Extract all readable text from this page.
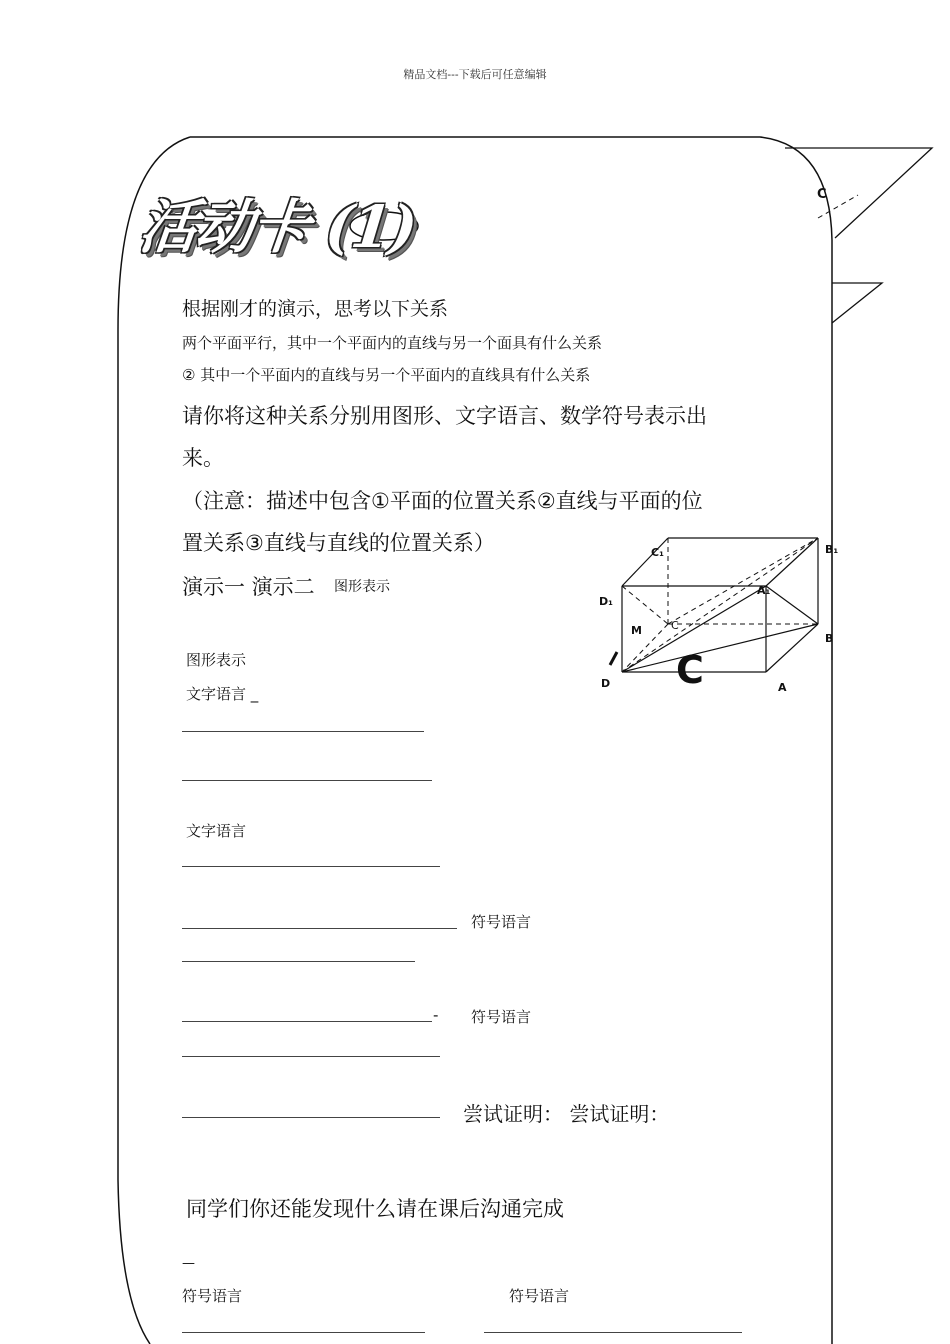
精品文档---下载后可任意编辑
C
活动卡 (1)
根据刚才的演示，思考以下关系
两个平面平行，其中一个平面内的直线与另一个面具有什么关系
② 其中一个平面内的直线与另一个平面内的直线具有什么关系
请你将这种关系分别用图形、文字语言、数学符号表示出
来。
（注意：描述中包含①平面的位置关系②直线与平面的位
置关系③直线与直线的位置关系）
演示一 演示二 图形表示
C₁	B₁
A₁
D₁
M	C
B
D	A
C
图形表示
文字语言 _
文字语言
符号语言
- 符号语言
尝试证明： 尝试证明：
同学们你还能发现什么请在课后沟通完成
—
符号语言	符号语言
